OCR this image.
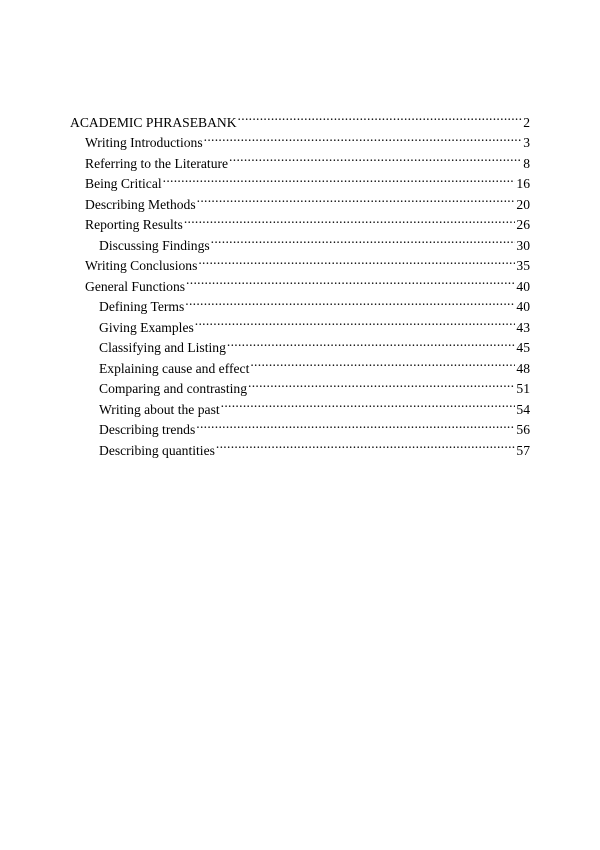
ACADEMIC PHRASEBANK .....	2
Writing Introductions .....	3
Referring to the Literature .....	8
Being Critical .....	16
Describing Methods .....	20
Reporting Results .....	26
Discussing Findings .....	30
Writing Conclusions .....	35
General Functions .....	40
Defining Terms .....	40
Giving Examples .....	43
Classifying and Listing .....	45
Explaining cause and effect .....	48
Comparing and contrasting .....	51
Writing about the past .....	54
Describing trends .....	56
Describing quantities .....	57
